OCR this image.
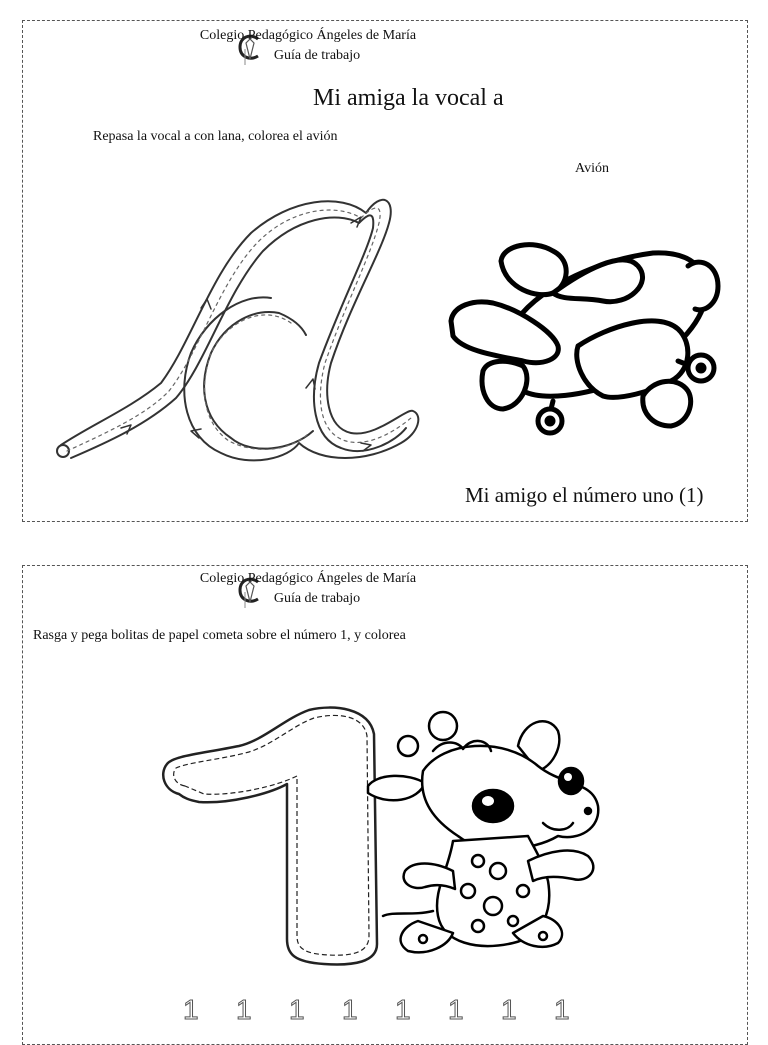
Colegio Pedagógico Ángeles de María
Guía de trabajo
Mi amiga la vocal a
Repasa la vocal a con lana, colorea el avión
Avión
Mi amigo el número uno (1)
Colegio Pedagógico Ángeles de María
Guía de trabajo
Rasga y pega bolitas de papel cometa sobre el número 1, y colorea
1 1 1 1 1 1 1 1
